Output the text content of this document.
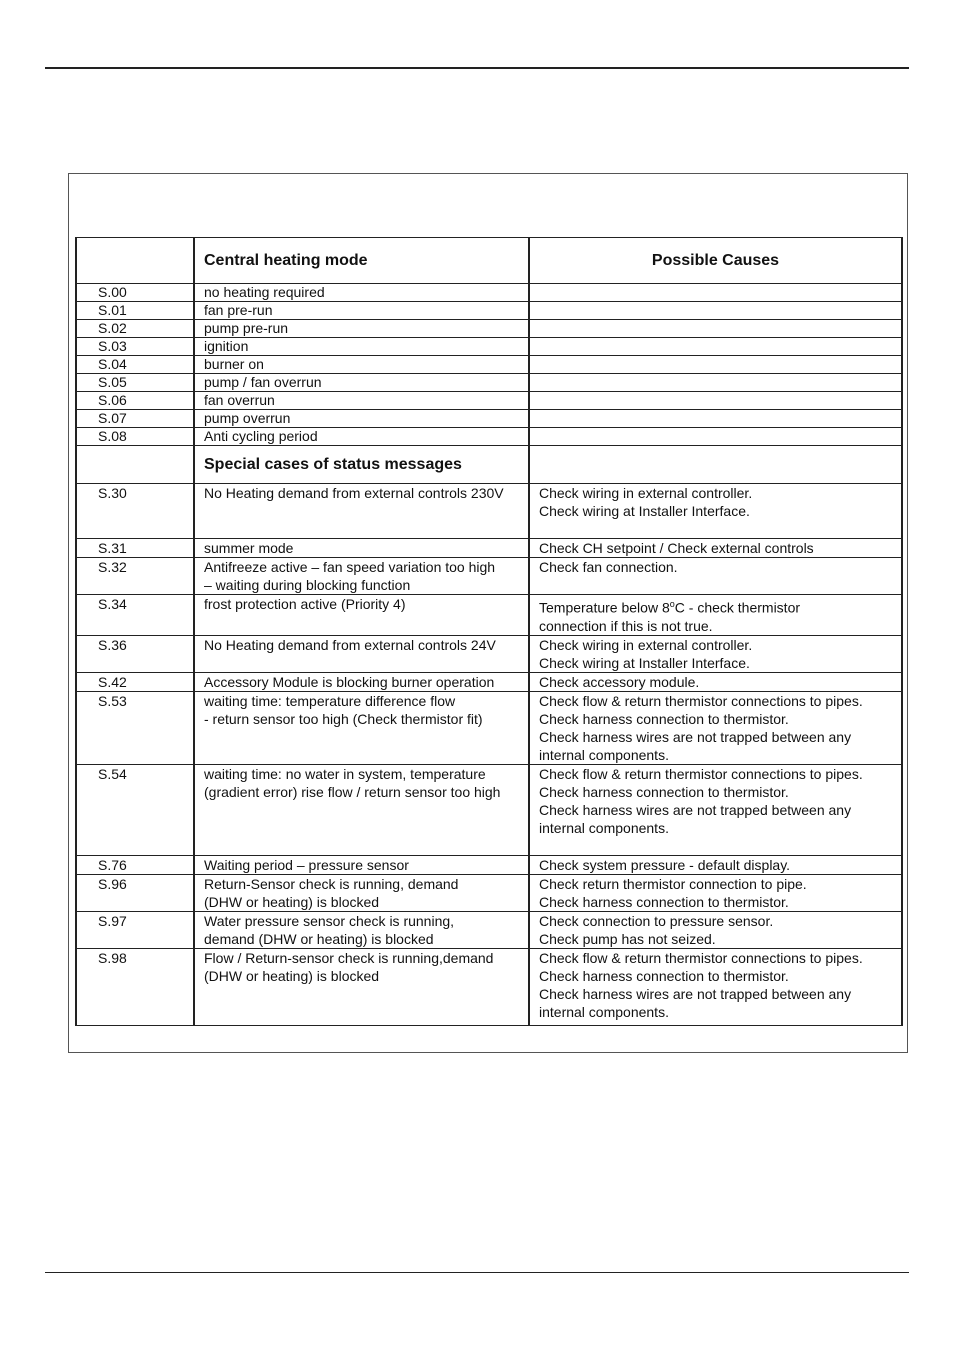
	Central heating mode	Possible Causes
S.00	no heating required	
S.01	fan pre-run	
S.02	pump pre-run	
S.03	ignition	
S.04	burner on	
S.05	pump / fan overrun	
S.06	fan overrun	
S.07	pump overrun	
S.08	Anti cycling period	
	Special cases of status messages	
S.30	No Heating demand from external controls 230V	Check wiring in external controller.
Check wiring at Installer Interface.

S.31	summer mode	Check CH setpoint / Check external controls

S.32	Antifreeze active – fan speed variation too high
– waiting during blocking function	Check fan connection.

S.34	frost protection active (Priority 4)	Temperature below 8$^o$C - check thermistor
connection if this is not true.

S.36	No Heating demand from external controls 24V	Check wiring in external controller.
Check wiring at Installer Interface.

S.42	Accessory Module is blocking burner operation	Check accessory module.

S.53	waiting time: temperature difference flow
- return sensor too high (Check thermistor fit)	Check flow & return thermistor connections to pipes.
Check harness connection to thermistor.
Check harness wires are not trapped between any
internal components.

S.54	waiting time: no water in system, temperature
(gradient error) rise flow / return sensor too high	Check flow & return thermistor connections to pipes.
Check harness connection to thermistor.
Check harness wires are not trapped between any
internal components.

S.76	Waiting period – pressure sensor	Check system pressure - default display.

S.96	Return-Sensor check is running, demand
(DHW or heating) is blocked	Check return thermistor connection to pipe.
Check harness connection to thermistor.

S.97	Water pressure sensor check is running,
demand (DHW or heating) is blocked	Check connection to pressure sensor.
Check pump has not seized.

S.98	Flow / Return-sensor check is running,demand
(DHW or heating) is blocked	Check flow & return thermistor connections to pipes.
Check harness connection to thermistor.
Check harness wires are not trapped between any
internal components.
